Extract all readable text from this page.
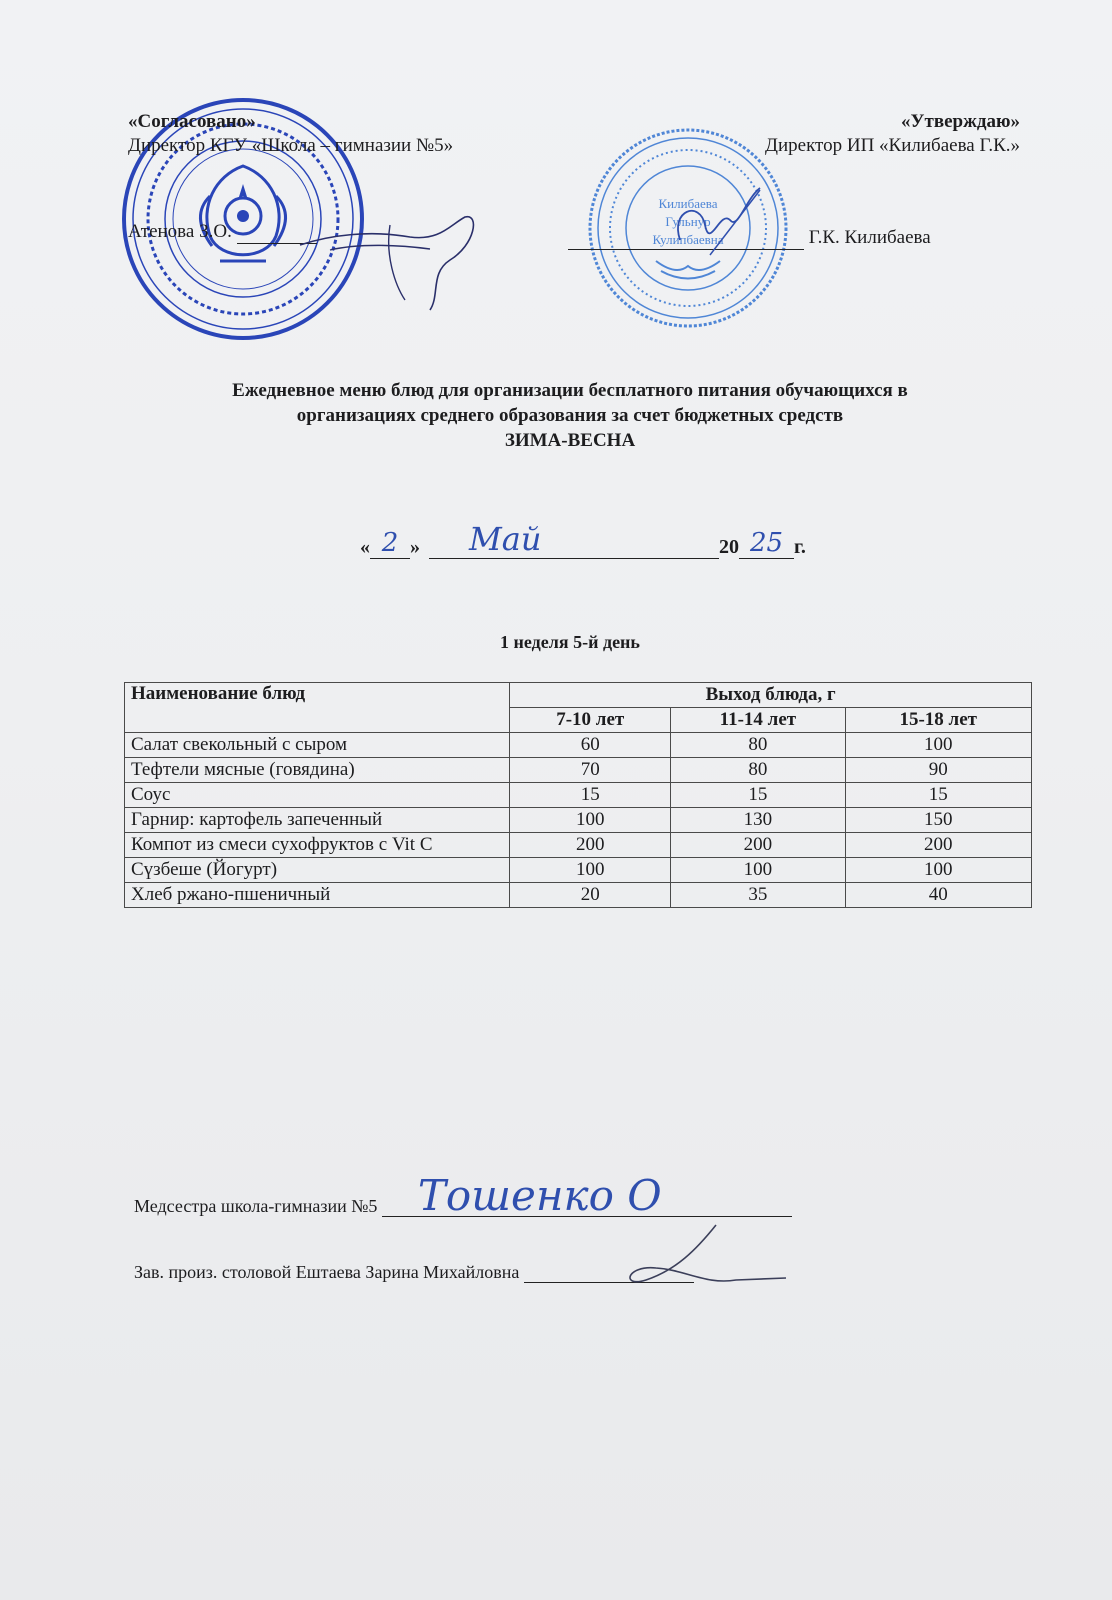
Килибаева
Гульнур
Кулипбаевна
«Согласовано»
Директор КГУ «Школа – гимназии №5»
Атенова З.О.
«Утверждаю»
Директор ИП «Килибаева Г.К.»
Г.К. Килибаева
Ежедневное меню блюд для организации бесплатного питания обучающихся в
организациях среднего образования за счет бюджетных средств
ЗИМА-ВЕСНА
« 2 » Май	20 25 г.
1 неделя 5-й день
Наименование блюд	Выход блюда, г		
	7-10 лет	11-14 лет	15-18 лет
Салат свекольный с сыром	60	80	100
Тефтели мясные (говядина)	70	80	90
Соус	15	15	15
Гарнир: картофель запеченный	100	130	150
Компот из смеси сухофруктов с Vit C	200	200	200
Сүзбеше (Йогурт)	100	100	100
Хлеб ржано-пшеничный	20	35	40
Медсестра школа-гимназии №5 Тошенко О
Зав. произ. столовой Ештаева Зарина Михайловна
